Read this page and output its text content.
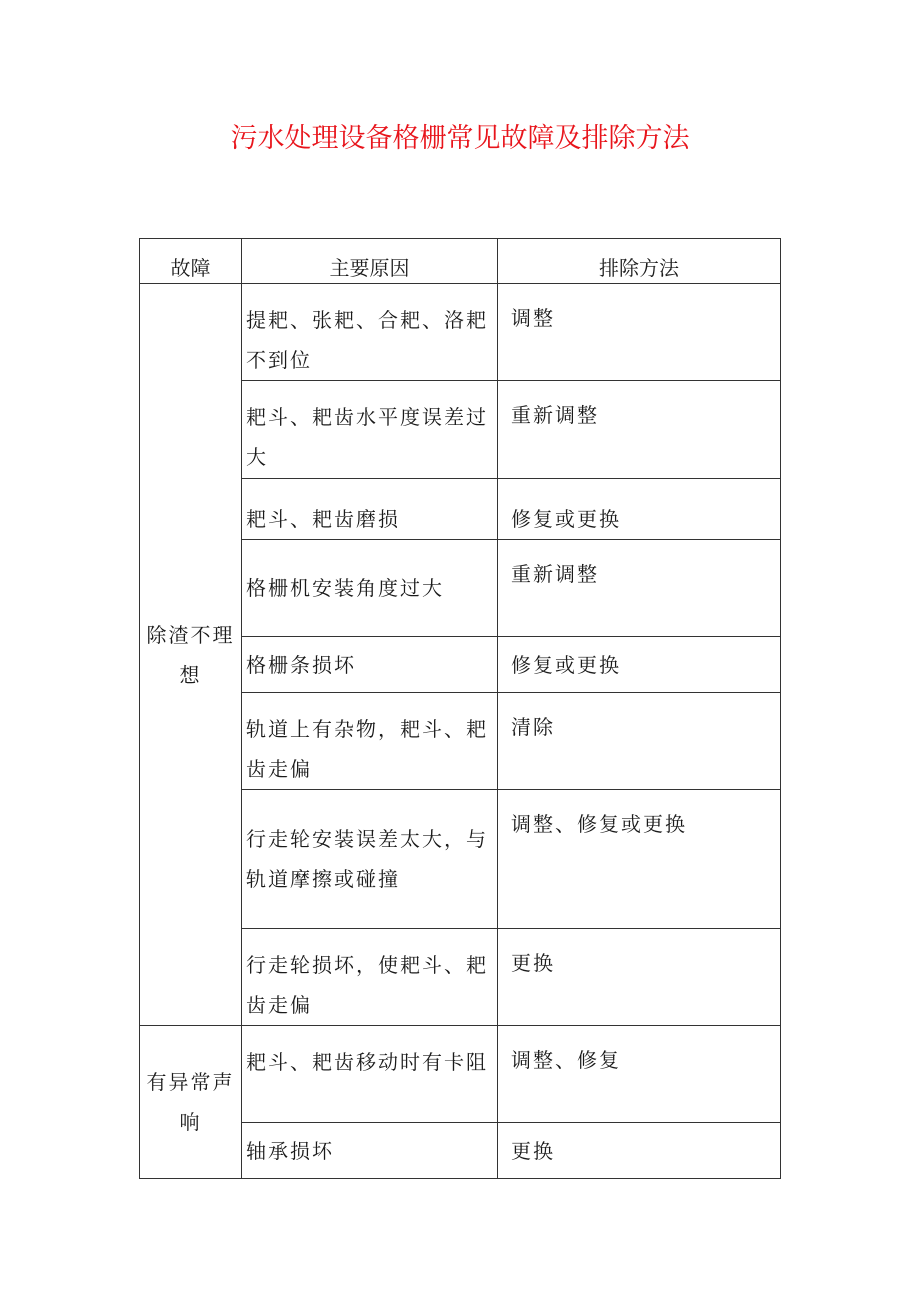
污水处理设备格栅常见故障及排除方法
故障	主要原因	排除方法
除渣不理想	提耙、张耙、合耙、洛耙不到位	调整
	耙斗、耙齿水平度误差过大	重新调整
	耙斗、耙齿磨损	修复或更换
	格栅机安装角度过大	重新调整
	格栅条损坏	修复或更换
	轨道上有杂物，耙斗、耙齿走偏	清除
	行走轮安装误差太大，与轨道摩擦或碰撞	调整、修复或更换
	行走轮损坏，使耙斗、耙齿走偏	更换
有异常声响	耙斗、耙齿移动时有卡阻	调整、修复
	轴承损坏	更换
